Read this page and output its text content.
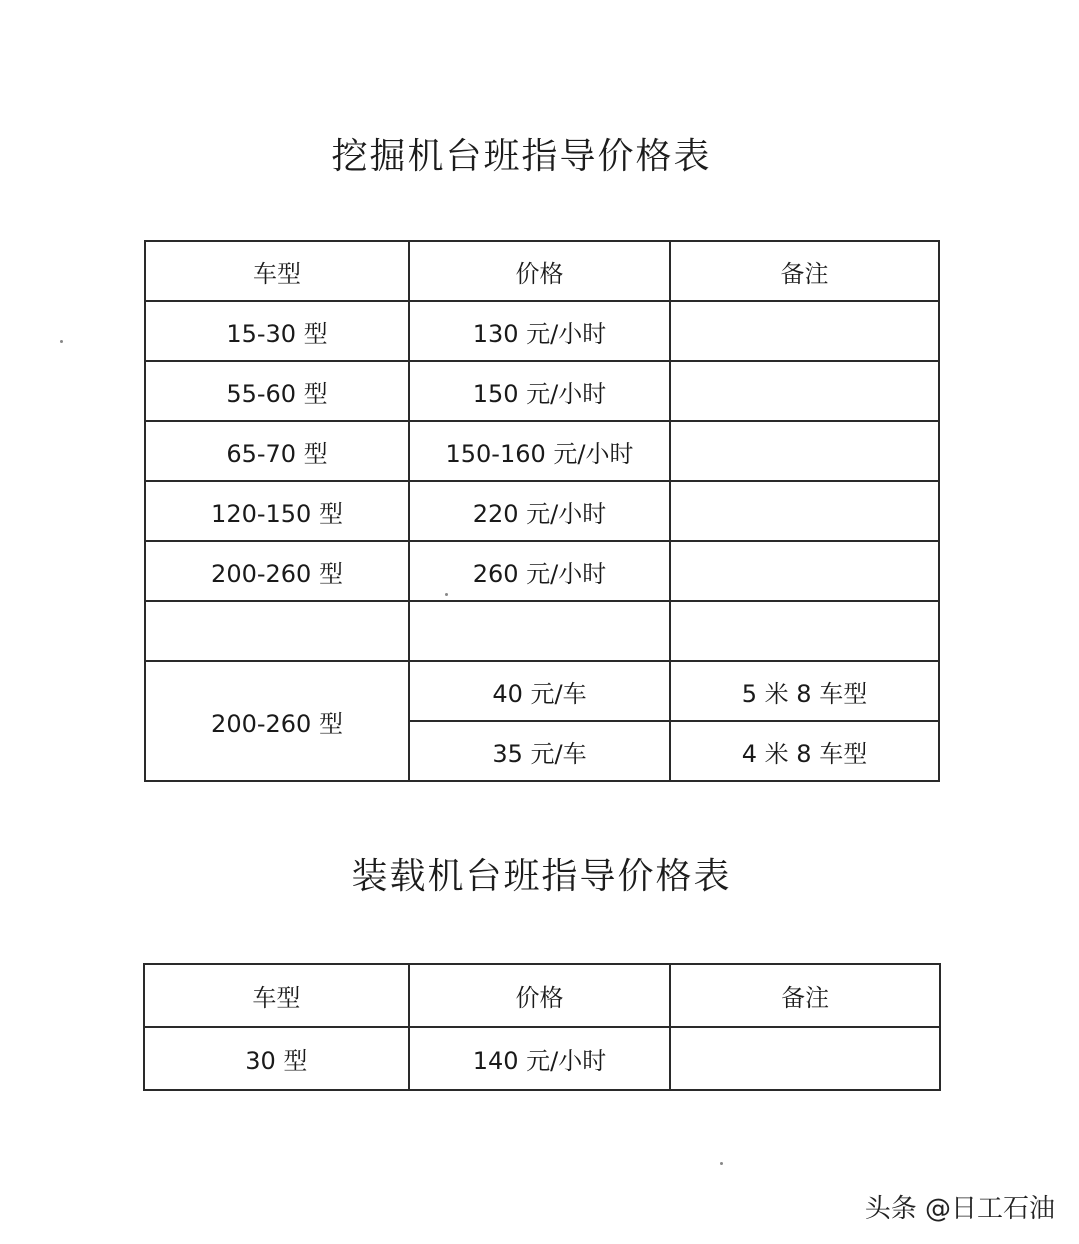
挖掘机台班指导价格表
车型	价格	备注
15-30 型	130 元/小时	
55-60 型	150 元/小时	
65-70 型	150-160 元/小时	
120-150 型	220 元/小时	
200-260 型	260 元/小时	

200-260 型	40 元/车	5 米 8 车型
	35 元/车	4 米 8 车型
装载机台班指导价格表
车型	价格	备注
30 型	140 元/小时	
头条 @日工石油
